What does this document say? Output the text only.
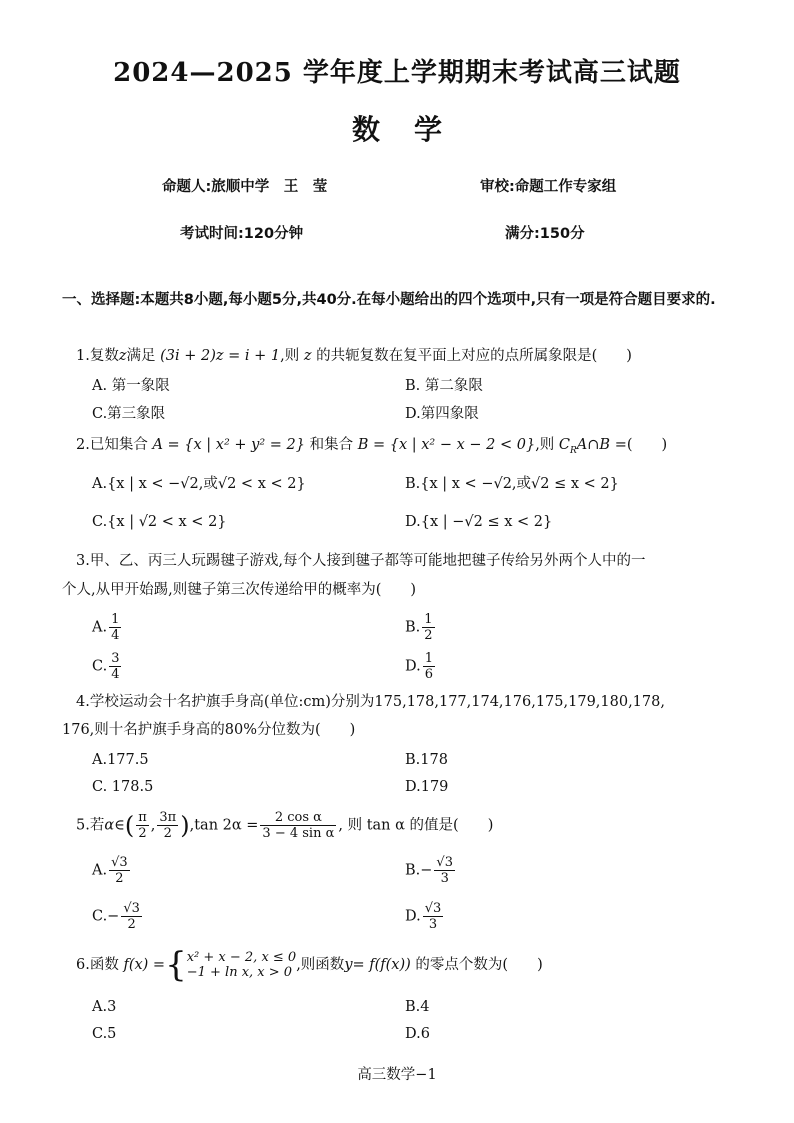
2024—2025 学年度上学期期末考试高三试题
数学
命题人:旅顺中学　王　莹	审校:命题工作专家组
考试时间:120分钟	满分:150分
一、选择题:本题共8小题,每小题5分,共40分.在每小题给出的四个选项中,只有一项是符合题目要求的.
1.复数z满足 (3i + 2)z = i + 1,则 z 的共轭复数在复平面上对应的点所属象限是(　　)
A. 第一象限	B. 第二象限
C.第三象限	D.第四象限
2.已知集合 A = {x | x² + y² = 2} 和集合 B = {x | x² − x − 2 < 0},则 $C_RA\cap B$ =(　　)
A.{x | x < −√2,或√2 < x < 2}	B.{x | x < −√2,或√2 ≤ x < 2}
C.{x | √2 < x < 2}	D.{x | −√2 ≤ x < 2}
3.甲、乙、丙三人玩踢毽子游戏,每个人接到毽子都等可能地把毽子传给另外两个人中的一
个人,从甲开始踢,则毽子第三次传递给甲的概率为(　　)
A. $\frac{1}{4}$	B. $\frac{1}{2}$
C. $\frac{3}{4}$	D. $\frac{1}{6}$
4.学校运动会十名护旗手身高(单位:cm)分别为175,178,177,174,176,175,179,180,178,
176,则十名护旗手身高的80%分位数为(　　)
A.177.5	B.178
C. 178.5	D.179
5.若α∈( $\frac{\pi}{2}$ , $\frac{3\pi}{2} ),\tan$ $2\alpha = \frac{\text{2 cos α}}{\text{3 − 4 sin α}}$ , 则 tan α 的值是(　　)
A. $\frac{√3}{2}$	$B.- \frac{√3}{3}$
$C.- \frac{√3}{2}$	D. $\frac{√3}{3}$
6.函数 f(x) ={ x² + x − 2, x ≤ 0
−1 + ln x, x > 0 ,则函数y= f(f(x)) 的零点个数为(　　)
A.3	B.4
C.5	D.6
高三数学−1
